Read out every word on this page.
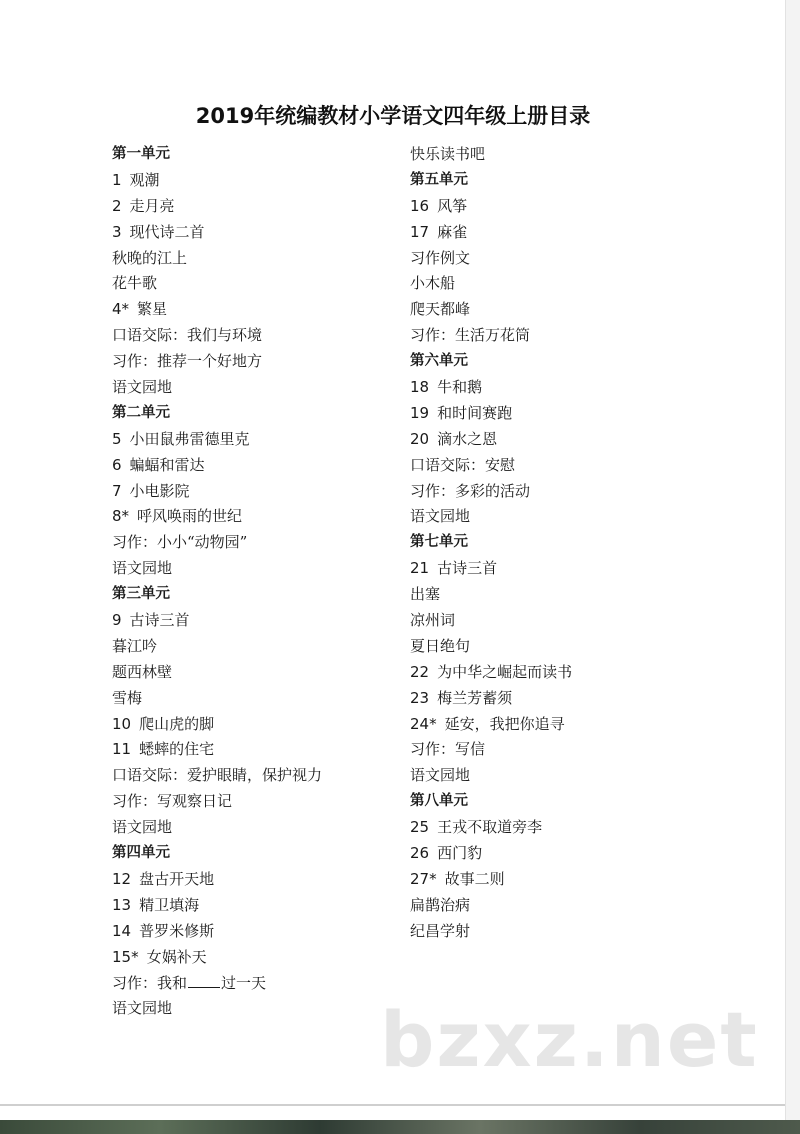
2019年统编教材小学语文四年级上册目录
第一单元
1 观潮
2 走月亮
3 现代诗二首
秋晚的江上
花牛歌
4* 繁星
口语交际：我们与环境
习作：推荐一个好地方
语文园地
第二单元
5 小田鼠弗雷德里克
6 蝙蝠和雷达
7 小电影院
8* 呼风唤雨的世纪
习作：小小“动物园”
语文园地
第三单元
9 古诗三首
暮江吟
题西林壁
雪梅
10 爬山虎的脚
11 蟋蟀的住宅
口语交际：爱护眼睛，保护视力
习作：写观察日记
语文园地
第四单元
12 盘古开天地
13 精卫填海
14 普罗米修斯
15* 女娲补天
习作：我和 过一天
语文园地
快乐读书吧
第五单元
16 风筝
17 麻雀
习作例文
小木船
爬天都峰
习作：生活万花筒
第六单元
18 牛和鹅
19 和时间赛跑
20 滴水之恩
口语交际：安慰
习作：多彩的活动
语文园地
第七单元
21 古诗三首
出塞
凉州词
夏日绝句
22 为中华之崛起而读书
23 梅兰芳蓄须
24* 延安，我把你追寻
习作：写信
语文园地
第八单元
25 王戎不取道旁李
26 西门豹
27* 故事二则
扁鹊治病
纪昌学射
bzxz.net
